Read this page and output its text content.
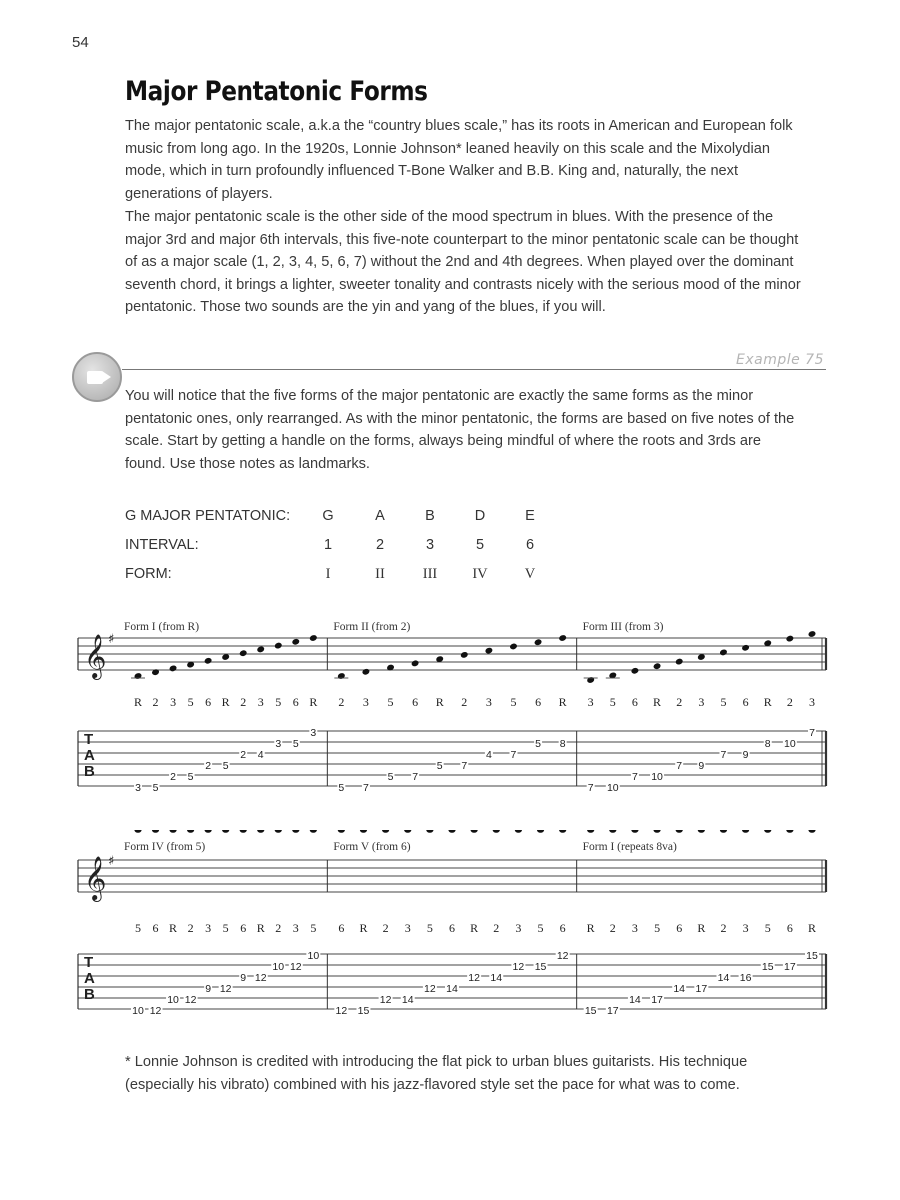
54
Major Pentatonic Forms

The major pentatonic scale, a.k.a the “country blues scale,” has its roots in American and European folk music from long ago. In the 1920s, Lonnie Johnson* leaned heavily on this scale and the Mixolydian mode, which in turn profoundly influenced T-Bone Walker and B.B. King and, naturally, the next generations of players.

The major pentatonic scale is the other side of the mood spectrum in blues. With the presence of the major 3rd and major 6th intervals, this five-note counterpart to the minor pentatonic scale can be thought of as a major scale (1, 2, 3, 4, 5, 6, 7) without the 2nd and 4th degrees. When played over the dominant seventh chord, it brings a lighter, sweeter tonality and contrasts nicely with the serious mood of the minor pentatonic. Those two sounds are the yin and yang of the blues, if you will.

Example 75

You will notice that the five forms of the major pentatonic are exactly the same forms as the minor pentatonic ones, only rearranged. As with the minor pentatonic, the forms are based on five notes of the scale. Start by getting a handle on the forms, always being mindful of where the roots and 3rds are found. Use those notes as landmarks.

G MAJOR PENTATONIC:	G	A	B	D	E
INTERVAL:	1	2	3	5	6
FORM:	I	II	III	IV	V
𝄞 ♯
T
A
B
Form I (from R)
R 2 3 5 6 R 2 3 5 6 R
3 5
2 5
2 5
2 4
3 5
3
Form II (from 2)
2 3 5 6 R 2 3 5 6 R
5 7
5 7
5 7
4 7
5 8
Form III (from 3)
3 5 6 R 2 3 5 6 R 2 3
7 10
7 10
7 9
7 9
8 10
7
𝄞 ♯
T
A
B
Form IV (from 5)
5 6 R 2 3 5 6 R 2 3 5
10 12
10 12
9 12
9 12
10 12
10
Form V (from 6)
6 R 2 3 5 6 R 2 3 5 6
12 15
12 14
12 14
12 14
12 15
12
Form I (repeats 8va)
R 2 3 5 6 R 2 3 5 6 R
15 17
14 17
14 17
14 16
15 17
15

* Lonnie Johnson is credited with introducing the flat pick to urban blues guitarists. His technique (especially his vibrato) combined with his jazz-flavored style set the pace for what was to come.
